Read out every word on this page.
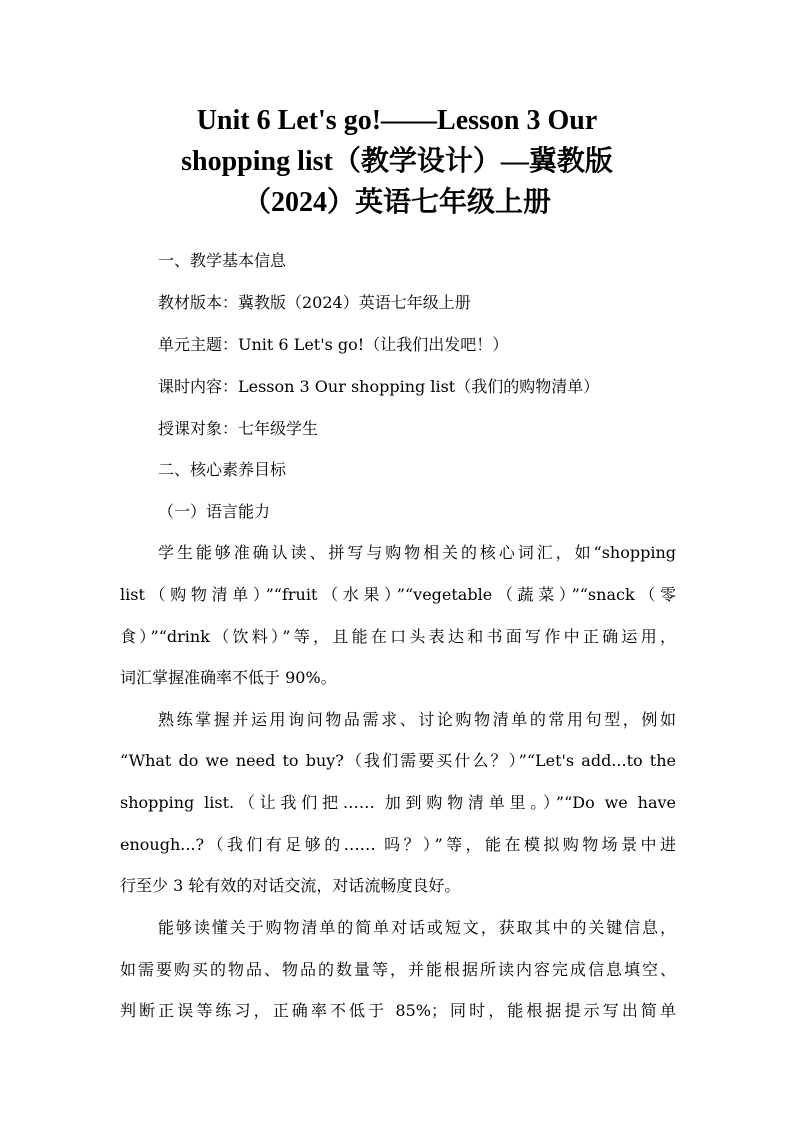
Unit 6 Let's go!——Lesson 3 Our
shopping list（教学设计）—冀教版
（2024）英语七年级上册
一、教学基本信息
教材版本：冀教版（2024）英语七年级上册
单元主题：Unit 6 Let's go!（让我们出发吧！）
课时内容：Lesson 3 Our shopping list（我们的购物清单）
授课对象：七年级学生
二、核心素养目标
（一）语言能力
学生能够准确认读、拼写与购物相关的核心词汇，如“shopping
list（购物清单）”“fruit（水果）”“vegetable（蔬菜）”“snack（零
食）”“drink（饮料）”等，且能在口头表达和书面写作中正确运用，
词汇掌握准确率不低于 90%。
熟练掌握并运用询问物品需求、讨论购物清单的常用句型，例如
“What do we need to buy?（我们需要买什么？）”“Let's add...to the
shopping list.（让我们把…… 加到购物清单里。）”“Do we have
enough...?（我们有足够的…… 吗？）”等，能在模拟购物场景中进
行至少 3 轮有效的对话交流，对话流畅度良好。
能够读懂关于购物清单的简单对话或短文，获取其中的关键信息，
如需要购买的物品、物品的数量等，并能根据所读内容完成信息填空、
判断正误等练习，正确率不低于 85%；同时，能根据提示写出简单
